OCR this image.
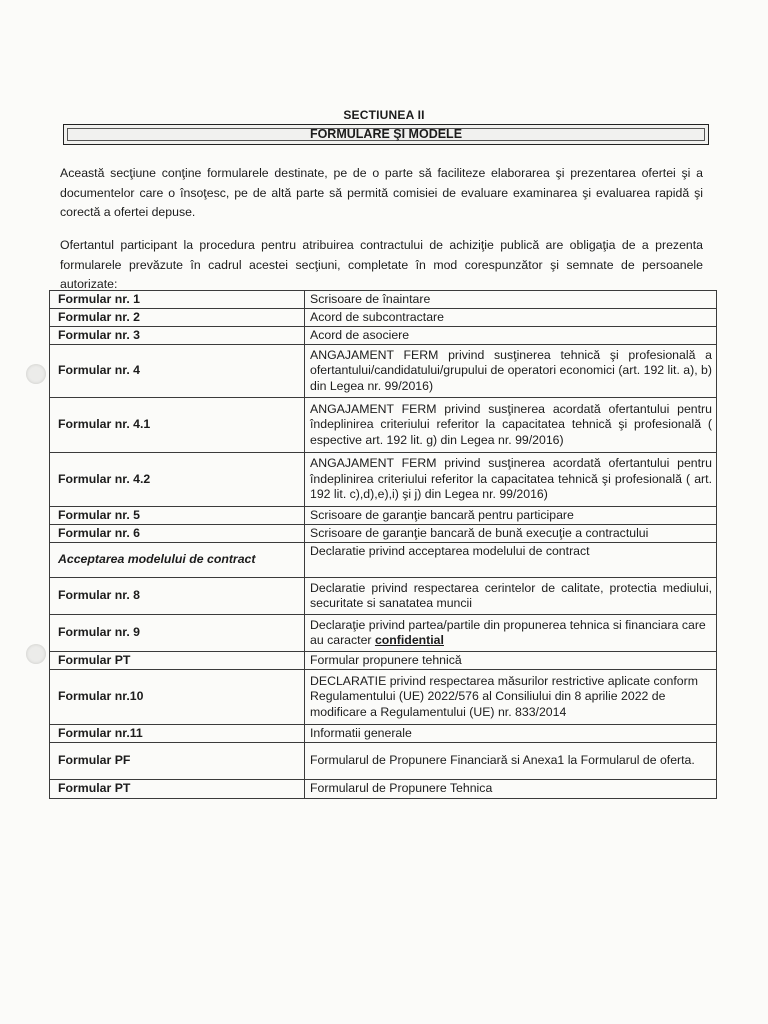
SECTIUNEA II
FORMULARE ŞI MODELE
Această secţiune conţine formularele destinate, pe de o parte să faciliteze elaborarea şi prezentarea ofertei şi a documentelor care o însoţesc, pe de altă parte să permită comisiei de evaluare examinarea şi evaluarea rapidă şi corectă a ofertei depuse.
Ofertantul participant la procedura pentru atribuirea contractului de achiziţie publică are obligaţia de a prezenta formularele prevăzute în cadrul acestei secţiuni, completate în mod corespunzător şi semnate de persoanele autorizate:
Formular nr. 1	Scrisoare de înaintare
Formular nr. 2	Acord de subcontractare
Formular nr. 3	Acord de asociere
Formular nr. 4	ANGAJAMENT FERM privind susţinerea tehnică şi profesională a ofertantului/candidatului/grupului de operatori economici (art. 192 lit. a), b) din Legea nr. 99/2016)
Formular nr. 4.1	ANGAJAMENT FERM privind susţinerea acordată ofertantului pentru îndeplinirea criteriului referitor la capacitatea tehnică şi profesională ( espective art. 192 lit. g) din Legea nr. 99/2016)
Formular nr. 4.2	ANGAJAMENT FERM privind susţinerea acordată ofertantului pentru îndeplinirea criteriului referitor la capacitatea tehnică şi profesională ( art. 192 lit. c),d),e),i) şi j) din Legea nr. 99/2016)
Formular nr. 5	Scrisoare de garanţie bancară pentru participare
Formular nr. 6	Scrisoare de garanţie bancară de bună execuţie a contractului
Acceptarea modelului de contract	Declaratie privind acceptarea modelului de contract
Formular nr. 8	Declaratie privind respectarea cerintelor de calitate, protectia mediului, securitate si sanatatea muncii
Formular nr. 9	Declaraţie privind partea/partile din propunerea tehnica si financiara care au caracter confidential
Formular PT	Formular propunere tehnică
Formular nr.10	DECLARATIE privind respectarea măsurilor restrictive aplicate conform Regulamentului (UE) 2022/576 al Consiliului din 8 aprilie 2022 de modificare a Regulamentului (UE) nr. 833/2014
Formular nr.11	Informatii generale
Formular PF	Formularul de Propunere Financiară si Anexa1 la Formularul de oferta.
Formular PT	Formularul de Propunere Tehnica
